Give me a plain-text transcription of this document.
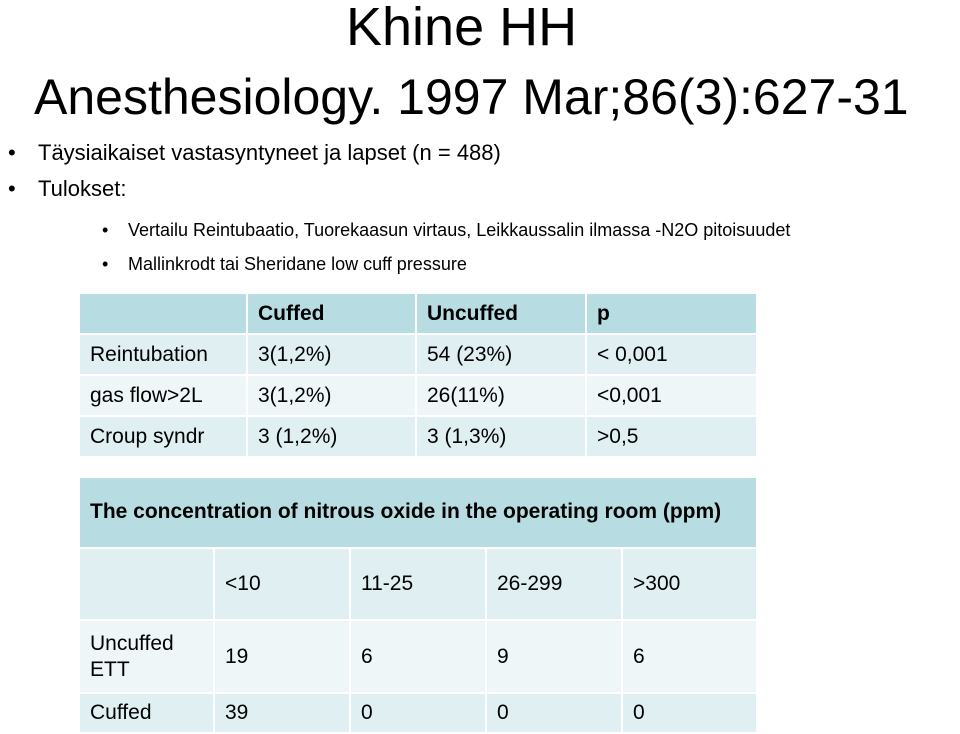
Khine HH
Anesthesiology. 1997 Mar;86(3):627-31
• Täysiaikaiset vastasyntyneet ja lapset (n = 488)
• Tulokset:
• Vertailu Reintubaatio, Tuorekaasun virtaus, Leikkaussalin ilmassa -N2O pitoisuudet
• Mallinkrodt tai Sheridane low cuff pressure
	Cuffed	Uncuffed	p
Reintubation	3(1,2%)	54 (23%)	< 0,001
gas flow>2L	3(1,2%)	26(11%)	<0,001
Croup syndr	3 (1,2%)	3 (1,3%)	>0,5
The concentration of nitrous oxide in the operating room (ppm)				
	<10	11-25	26-299	>300
Uncuffed ETT	19	6	9	6
Cuffed	39	0	0	0
